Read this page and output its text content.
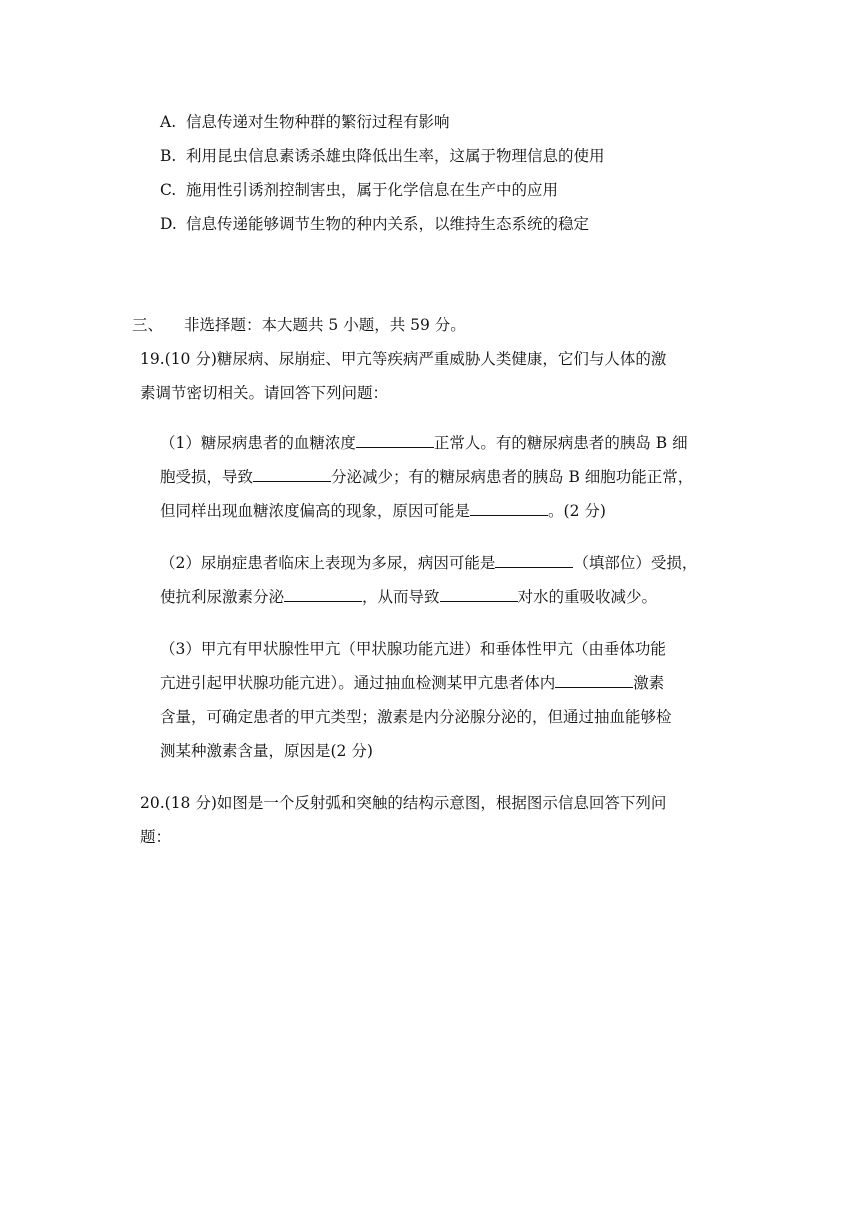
A. 信息传递对生物种群的繁衍过程有影响
B. 利用昆虫信息素诱杀雄虫降低出生率，这属于物理信息的使用
C. 施用性引诱剂控制害虫，属于化学信息在生产中的应用
D. 信息传递能够调节生物的种内关系，以维持生态系统的稳定
三、 非选择题：本大题共 5 小题，共 59 分。
19.(10 分)糖尿病、尿崩症、甲亢等疾病严重威胁人类健康，它们与人体的激
素调节密切相关。请回答下列问题：
（1）糖尿病患者的血糖浓度	正常人。有的糖尿病患者的胰岛 B 细
胞受损，导致	分泌减少；有的糖尿病患者的胰岛 B 细胞功能正常，
但同样出现血糖浓度偏高的现象，原因可能是	。(2 分)
（2）尿崩症患者临床上表现为多尿，病因可能是	（填部位）受损，
使抗利尿激素分泌	，从而导致	对水的重吸收减少。
（3）甲亢有甲状腺性甲亢（甲状腺功能亢进）和垂体性甲亢（由垂体功能
亢进引起甲状腺功能亢进）。通过抽血检测某甲亢患者体内	激素
含量，可确定患者的甲亢类型；激素是内分泌腺分泌的，但通过抽血能够检
测某种激素含量，原因是(2 分)
20.(18 分)如图是一个反射弧和突触的结构示意图，根据图示信息回答下列问
题：
